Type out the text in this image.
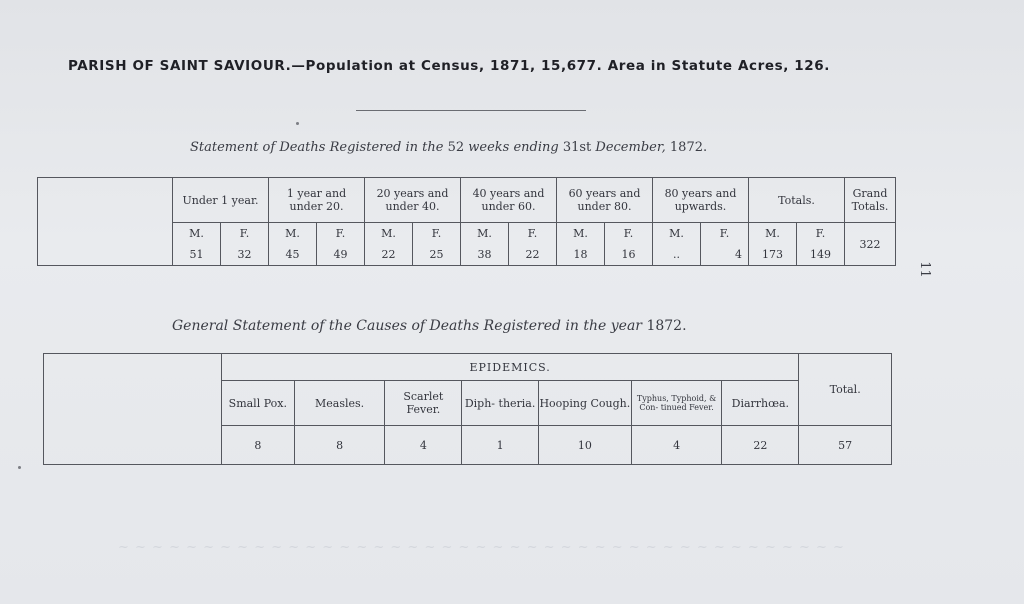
~ ~ ~ ~ ~ ~ ~ ~ ~ ~ ~ ~ ~ ~ ~ ~ ~ ~ ~ ~ ~ ~ ~ ~ ~ ~ ~ ~ ~ ~ ~ ~ ~ ~ ~ ~ ~ ~ ~ ~ ~ ~ ~
PARISH OF SAINT SAVIOUR.—Population at Census, 1871, 15,677. Area in Statute Acres, 126.
Statement of Deaths Registered in the 52 weeks ending 31st December, 1872.
	Under 1 year.		1 year and under 20.		20 years and under 40.		40 years and under 60.		60 years and under 80.		80 years and upwards.		Totals.		Grand Totals.
	M.	F.	M.	F.	M.	F.	M.	F.	M.	F.	M.	F.	M.	F.	322
	51	32	45	49	22	25	38	22	18	16	..	4	173	149	
11
General Statement of the Causes of Deaths Registered in the year 1872.
	EPIDEMICS.							Total.
	Small Pox.	Measles.	Scarlet Fever.	Diph- theria.	Hooping Cough.	Typhus, Typhoid, & Con- tinued Fever.	Diarrhœa.	
	8	8	4	1	10	4	22	57
